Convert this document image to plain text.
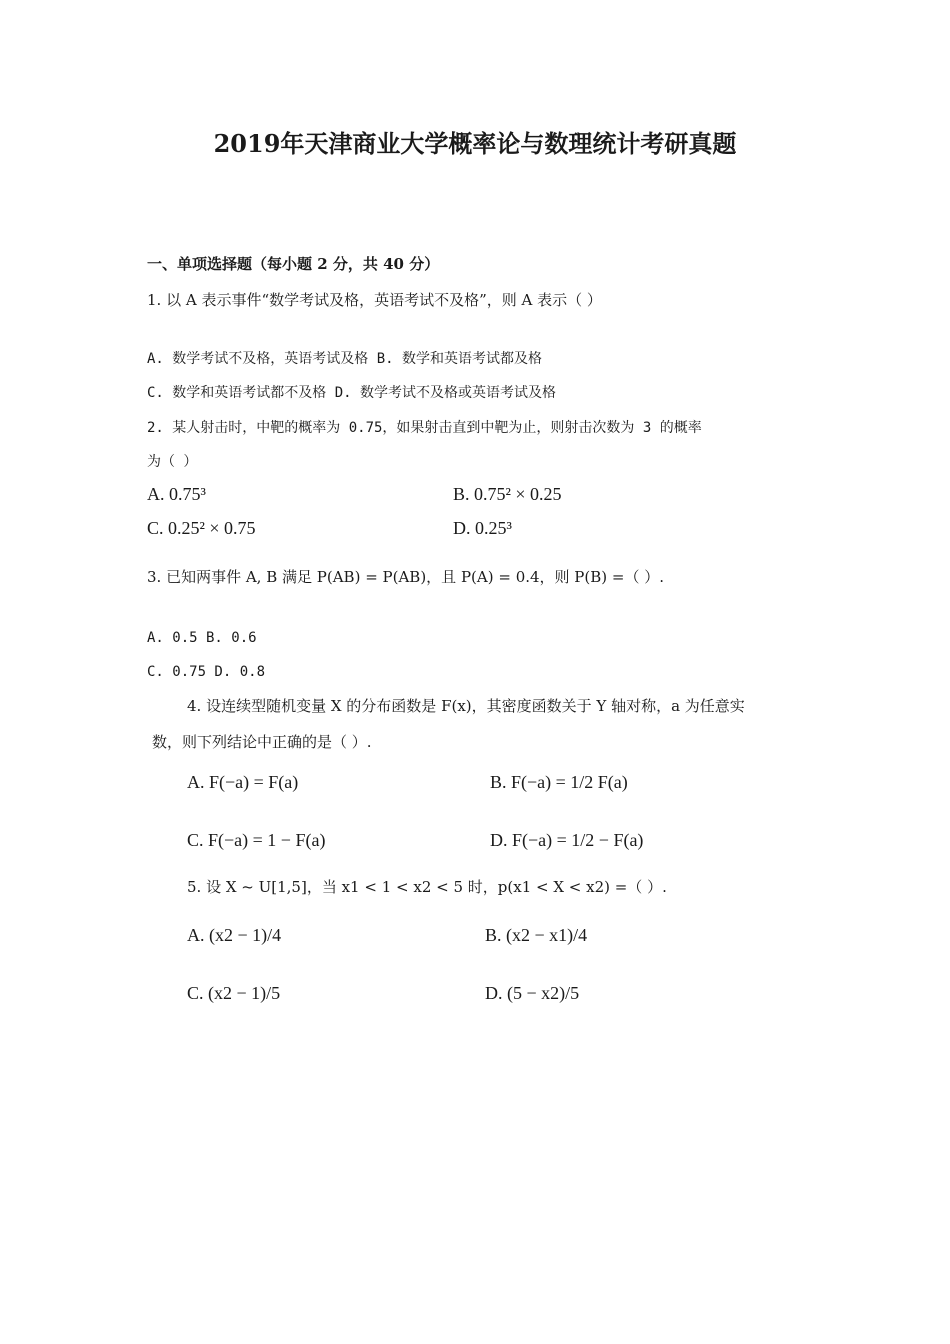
2019年天津商业大学概率论与数理统计考研真题
一、单项选择题（每小题 2 分，共 40 分）
1. 以 A 表示事件“数学考试及格，英语考试不及格”，则 A 表示（ ）
A. 数学考试不及格，英语考试及格 B. 数学和英语考试都及格
C. 数学和英语考试都不及格 D. 数学考试不及格或英语考试及格
2. 某人射击时，中靶的概率为 0.75，如果射击直到中靶为止，则射击次数为 3 的概率
为（ ）
A. 0.75³	B. 0.75² × 0.25
C. 0.25² × 0.75	D. 0.25³
3. 已知两事件 A, B 满足 P(AB) = P(AB)，且 P(A) = 0.4，则 P(B) =（ ）.
A. 0.5 B. 0.6
C. 0.75 D. 0.8
4. 设连续型随机变量 X 的分布函数是 F(x)，其密度函数关于 Y 轴对称，a 为任意实
数，则下列结论中正确的是（ ）.
A. F(−a) = F(a)	B. F(−a) = 1/2 F(a)
C. F(−a) = 1 − F(a)	D. F(−a) = 1/2 − F(a)
5. 设 X ~ U[1,5]，当 x1 < 1 < x2 < 5 时，p(x1 < X < x2) =（ ）.
A. (x2 − 1)/4	B. (x2 − x1)/4
C. (x2 − 1)/5	D. (5 − x2)/5
